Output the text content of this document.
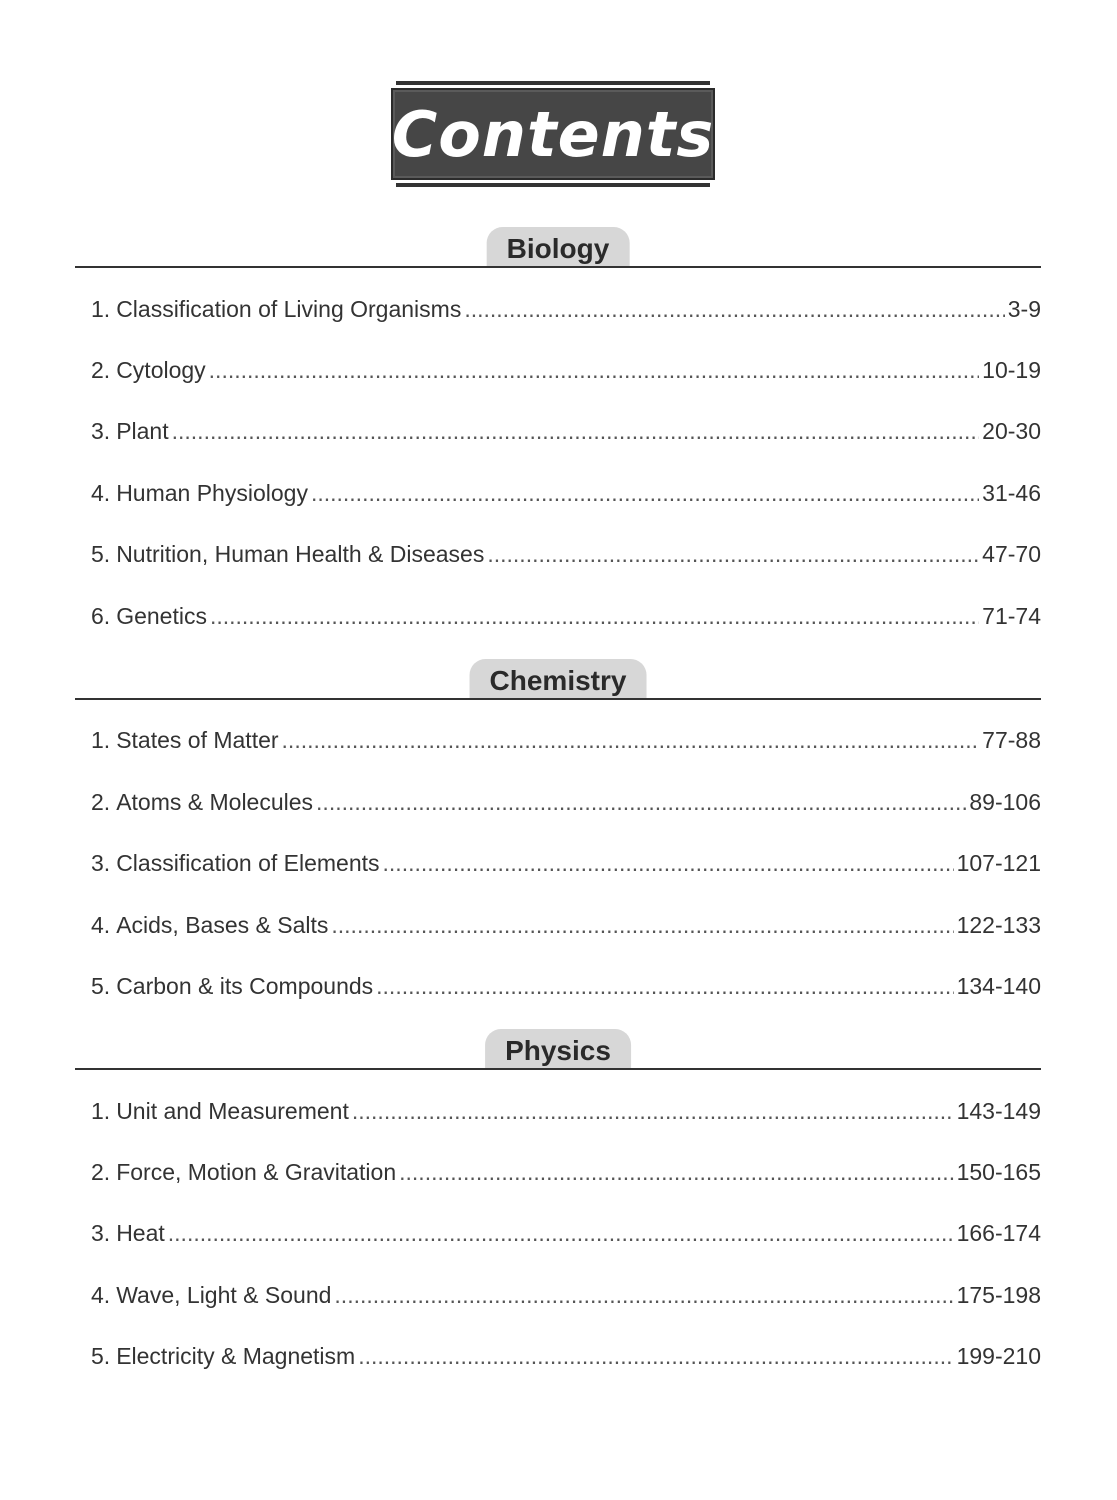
Contents
Biology
1. Classification of Living Organisms .....	3-9
2. Cytology .....	10-19
3. Plant .....	20-30
4. Human Physiology .....	31-46
5. Nutrition, Human Health & Diseases .....	47-70
6. Genetics .....	71-74
Chemistry
1. States of Matter .....	77-88
2. Atoms & Molecules .....	89-106
3. Classification of Elements .....	107-121
4. Acids, Bases & Salts .....	122-133
5. Carbon & its Compounds .....	134-140
Physics
1. Unit and Measurement .....	143-149
2. Force, Motion & Gravitation .....	150-165
3. Heat .....	166-174
4. Wave, Light & Sound .....	175-198
5. Electricity & Magnetism .....	199-210
